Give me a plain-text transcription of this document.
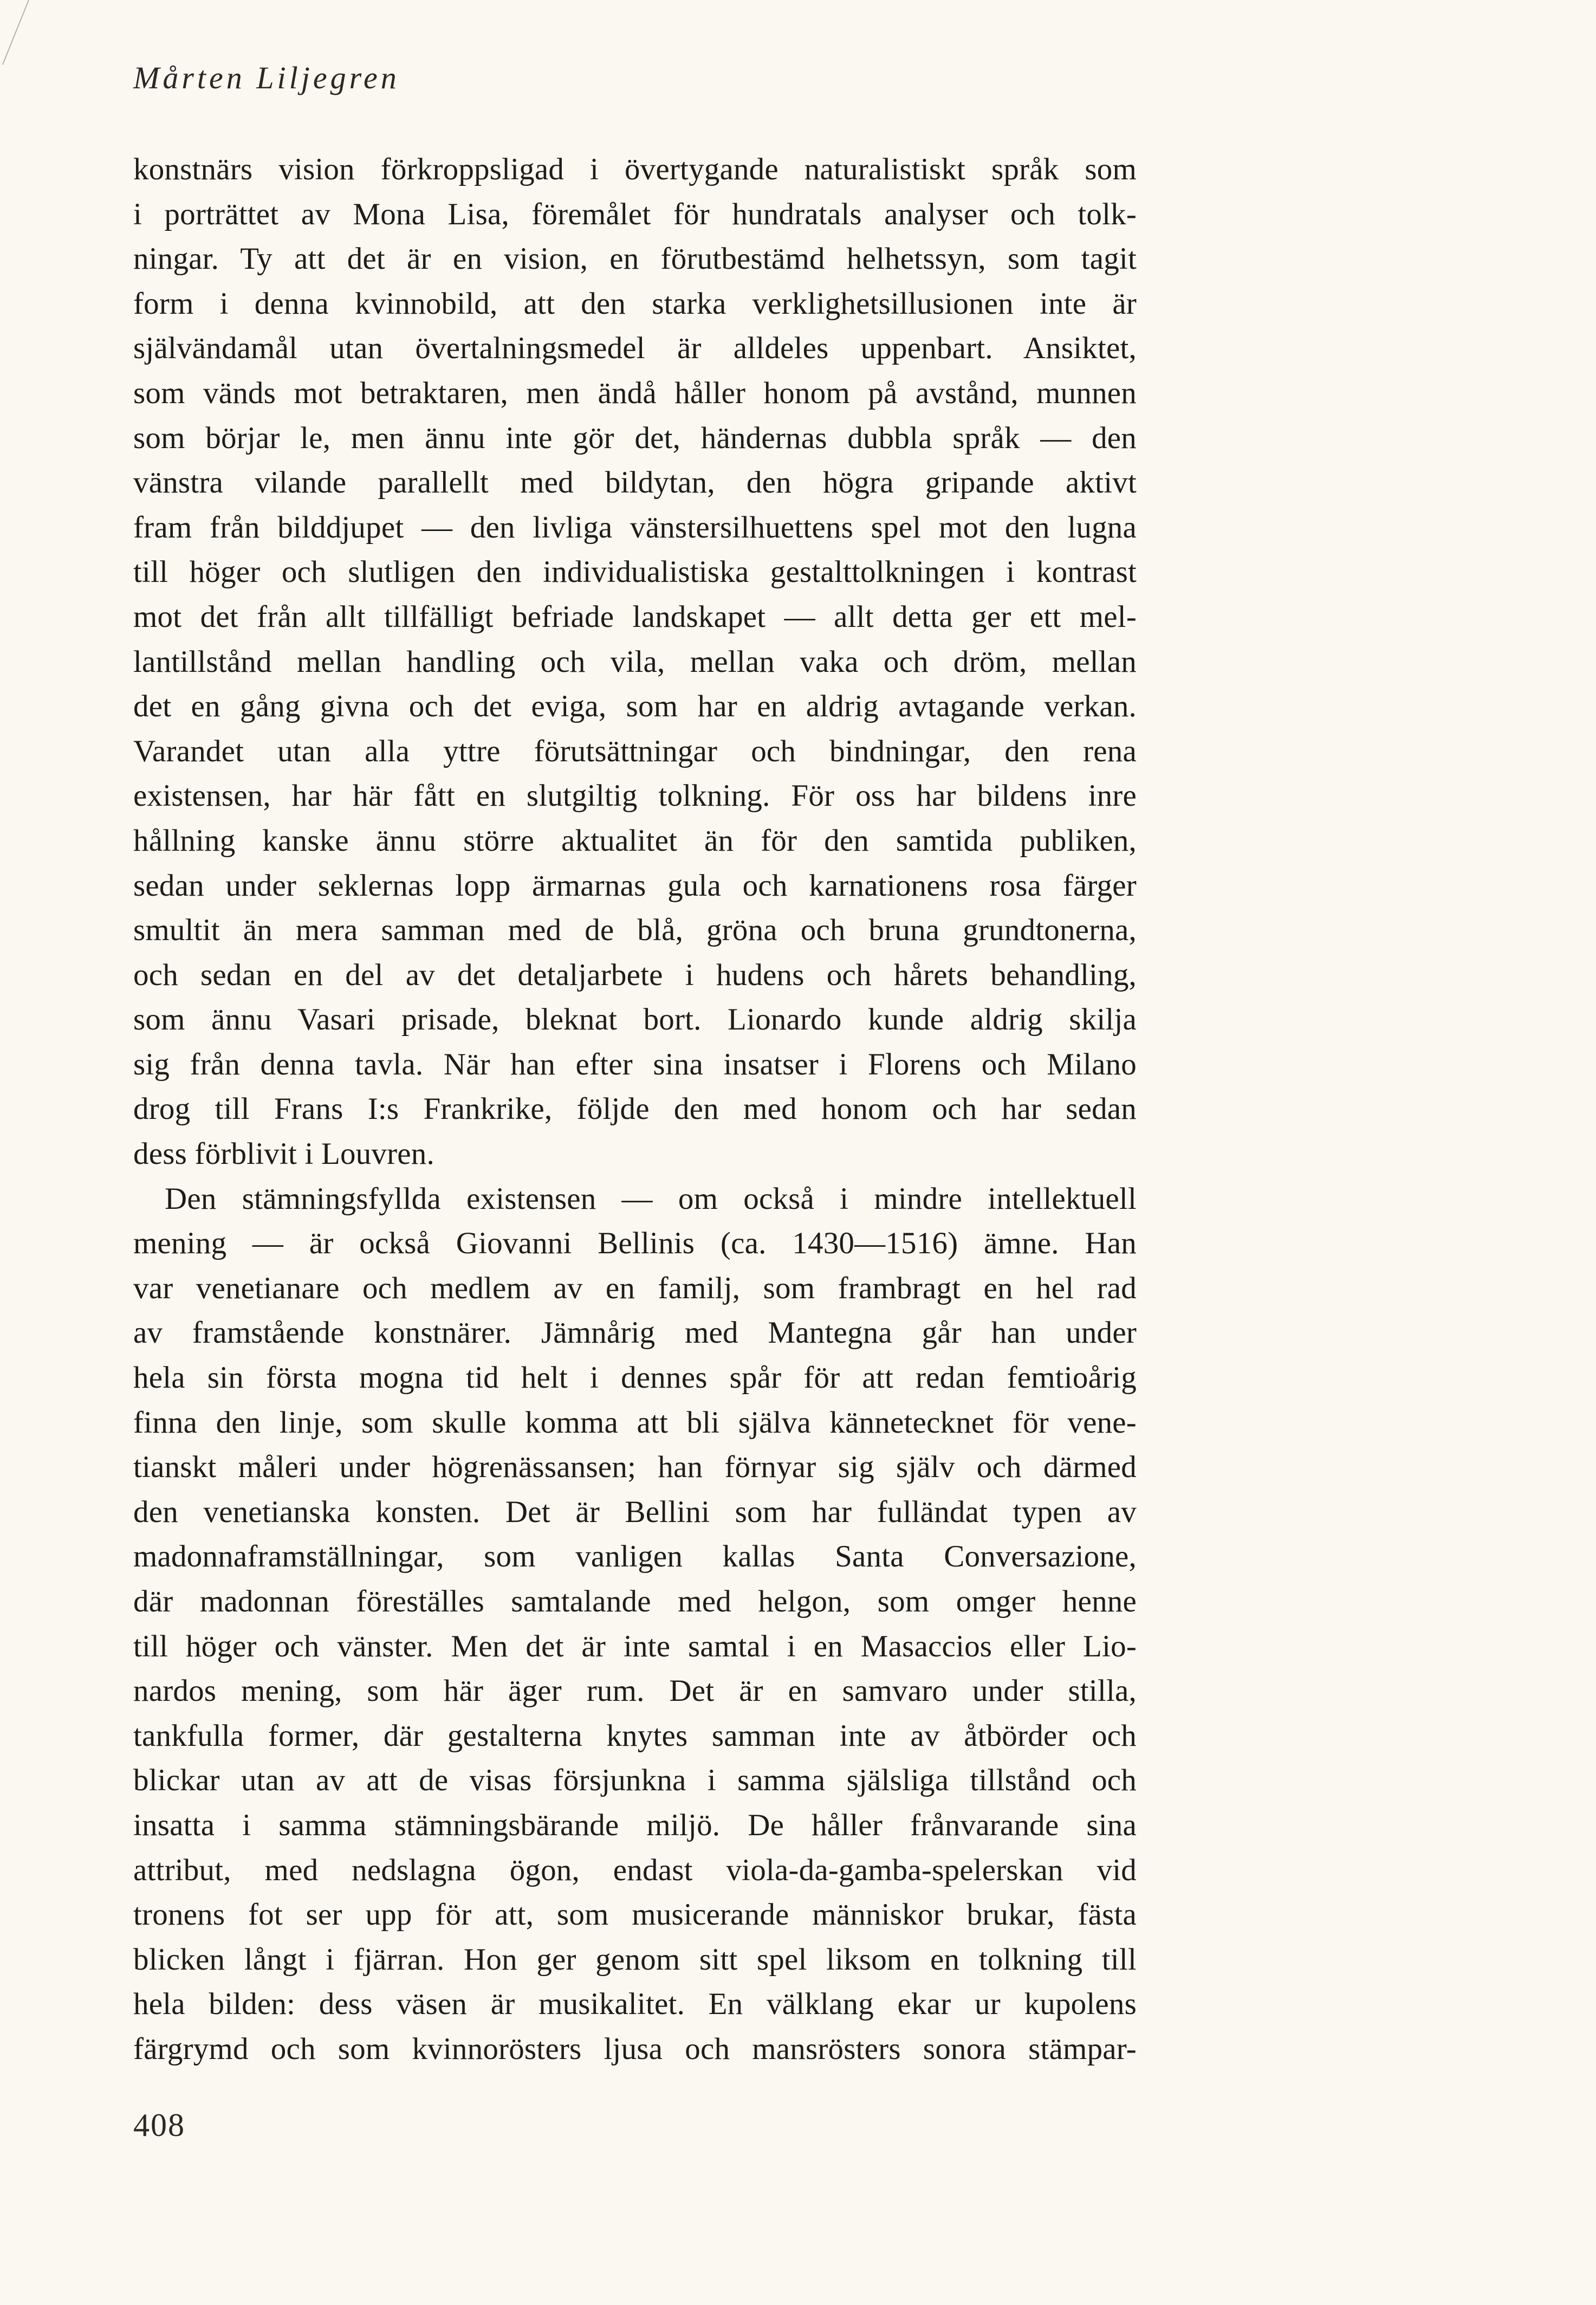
Mårten Liljegren
konstnärs vision förkroppsligad i övertygande naturalistiskt språk som
i porträttet av Mona Lisa, föremålet för hundratals analyser och tolk-
ningar. Ty att det är en vision, en förutbestämd helhetssyn, som tagit
form i denna kvinnobild, att den starka verklighetsillusionen inte är
självändamål utan övertalningsmedel är alldeles uppenbart. Ansiktet,
som vänds mot betraktaren, men ändå håller honom på avstånd, munnen
som börjar le, men ännu inte gör det, händernas dubbla språk — den
vänstra vilande parallellt med bildytan, den högra gripande aktivt
fram från bilddjupet — den livliga vänstersilhuettens spel mot den lugna
till höger och slutligen den individualistiska gestalttolkningen i kontrast
mot det från allt tillfälligt befriade landskapet — allt detta ger ett mel-
lantillstånd mellan handling och vila, mellan vaka och dröm, mellan
det en gång givna och det eviga, som har en aldrig avtagande verkan.
Varandet utan alla yttre förutsättningar och bindningar, den rena
existensen, har här fått en slutgiltig tolkning. För oss har bildens inre
hållning kanske ännu större aktualitet än för den samtida publiken,
sedan under seklernas lopp ärmarnas gula och karnationens rosa färger
smultit än mera samman med de blå, gröna och bruna grundtonerna,
och sedan en del av det detaljarbete i hudens och hårets behandling,
som ännu Vasari prisade, bleknat bort. Lionardo kunde aldrig skilja
sig från denna tavla. När han efter sina insatser i Florens och Milano
drog till Frans I:s Frankrike, följde den med honom och har sedan
dess förblivit i Louvren.
Den stämningsfyllda existensen — om också i mindre intellektuell
mening — är också Giovanni Bellinis (ca. 1430—1516) ämne. Han
var venetianare och medlem av en familj, som frambragt en hel rad
av framstående konstnärer. Jämnårig med Mantegna går han under
hela sin första mogna tid helt i dennes spår för att redan femtioårig
finna den linje, som skulle komma att bli själva kännetecknet för vene-
tianskt måleri under högrenässansen; han förnyar sig själv och därmed
den venetianska konsten. Det är Bellini som har fulländat typen av
madonnaframställningar, som vanligen kallas Santa Conversazione,
där madonnan föreställes samtalande med helgon, som omger henne
till höger och vänster. Men det är inte samtal i en Masaccios eller Lio-
nardos mening, som här äger rum. Det är en samvaro under stilla,
tankfulla former, där gestalterna knytes samman inte av åtbörder och
blickar utan av att de visas försjunkna i samma själsliga tillstånd och
insatta i samma stämningsbärande miljö. De håller frånvarande sina
attribut, med nedslagna ögon, endast viola-da-gamba-spelerskan vid
tronens fot ser upp för att, som musicerande människor brukar, fästa
blicken långt i fjärran. Hon ger genom sitt spel liksom en tolkning till
hela bilden: dess väsen är musikalitet. En välklang ekar ur kupolens
färgrymd och som kvinnorösters ljusa och mansrösters sonora stämpar-
408
